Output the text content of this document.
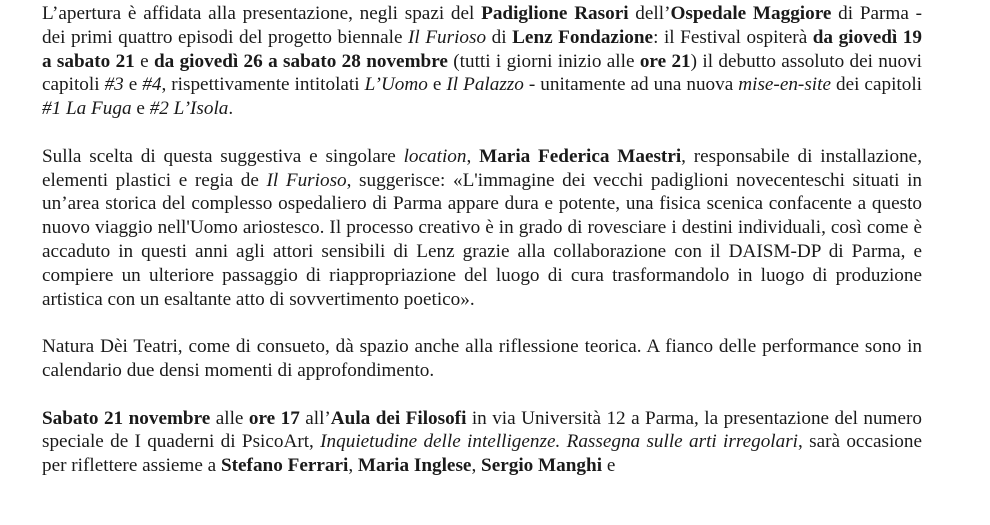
L’apertura è affidata alla presentazione, negli spazi del Padiglione Rasori dell’Ospedale Maggiore di Parma - dei primi quattro episodi del progetto biennale Il Furioso di Lenz Fondazione: il Festival ospiterà da giovedì 19 a sabato 21 e da giovedì 26 a sabato 28 novembre (tutti i giorni inizio alle ore 21) il debutto assoluto dei nuovi capitoli #3 e #4, rispettivamente intitolati L’Uomo e Il Palazzo - unitamente ad una nuova mise-en-site dei capitoli #1 La Fuga e #2 L’Isola.

Sulla scelta di questa suggestiva e singolare location, Maria Federica Maestri, responsabile di installazione, elementi plastici e regia de Il Furioso, suggerisce: «L'immagine dei vecchi padiglioni novecenteschi situati in un’area storica del complesso ospedaliero di Parma appare dura e potente, una fisica scenica confacente a questo nuovo viaggio nell'Uomo ariostesco. Il processo creativo è in grado di rovesciare i destini individuali, così come è accaduto in questi anni agli attori sensibili di Lenz grazie alla collaborazione con il DAISM-DP di Parma, e compiere un ulteriore passaggio di riappropriazione del luogo di cura trasformandolo in luogo di produzione artistica con un esaltante atto di sovvertimento poetico».

Natura Dèi Teatri, come di consueto, dà spazio anche alla riflessione teorica. A fianco delle performance sono in calendario due densi momenti di approfondimento.

Sabato 21 novembre alle ore 17 all’Aula dei Filosofi in via Università 12 a Parma, la presentazione del numero speciale de I quaderni di PsicoArt, Inquietudine delle intelligenze. Rassegna sulle arti irregolari, sarà occasione per riflettere assieme a Stefano Ferrari, Maria Inglese, Sergio Manghi e
